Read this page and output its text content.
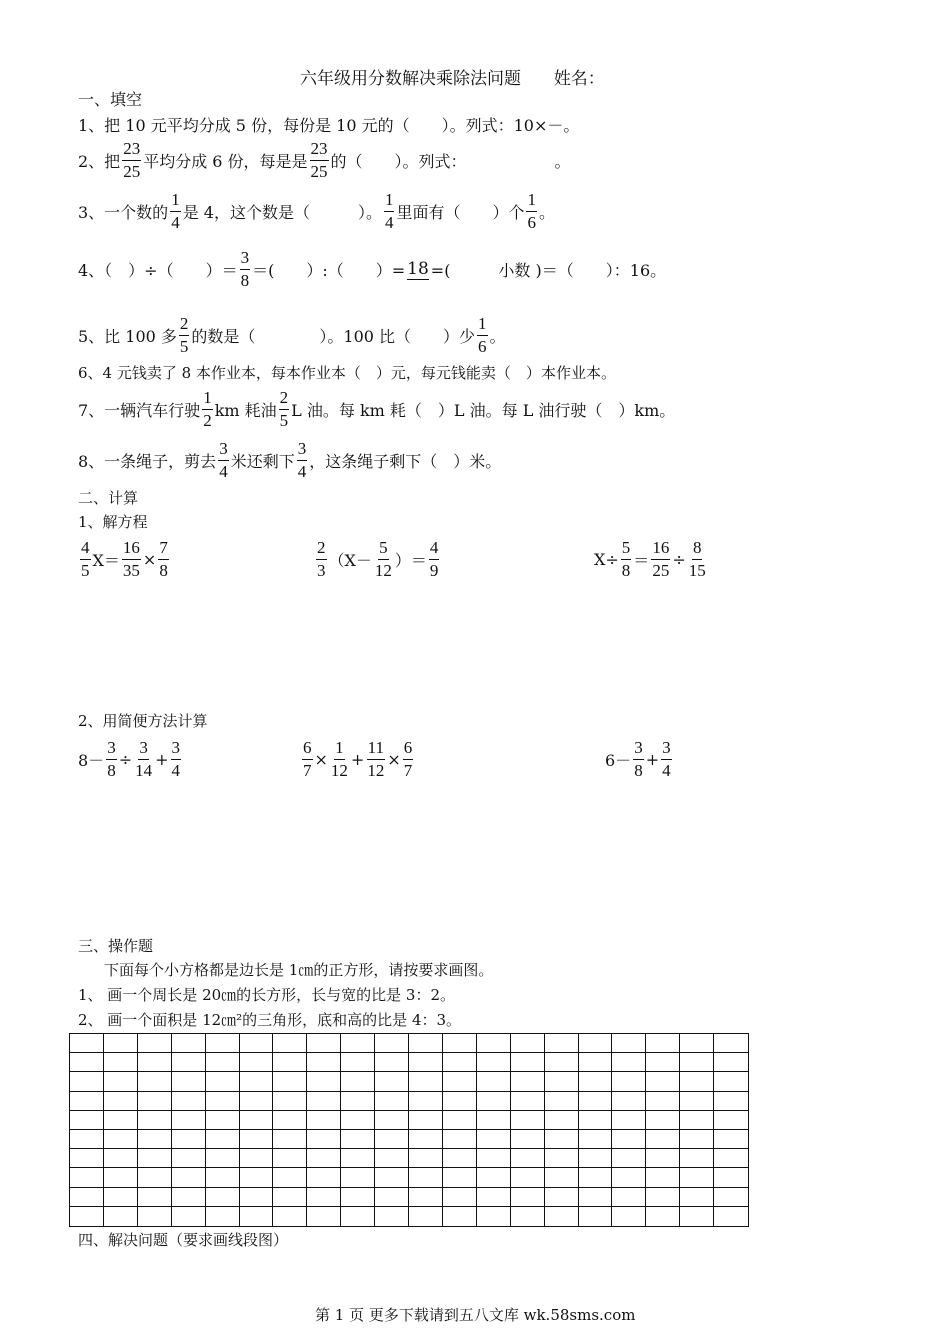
六年级用分数解决乘除法问题 姓名：
一、填空
1、把 10 元平均分成 5 份，每份是 10 元的（　　）。列式：10×－。
2、把 $\frac{23}{25}$ 平均分成 6 份，每是是 $\frac{23}{25}$ 的（　　）。列式：　　　　　　。
3、一个数的 $\frac{1}{4}$ 是 4，这个数是（　　　）。 $\frac{1}{4}$ 里面有（　　）个 $\frac{1}{6}$ 。
4、（　）÷（　　）＝ $\frac{3}{8}$ ＝(　　）:（　　）= 18 =(　　　小数 )＝（　　）：16。
5、比 100 多 $\frac{2}{5}$ 的数是（　　　　）。100 比（　　）少 $\frac{1}{6}$ 。
6、4 元钱卖了 8 本作业本，每本作业本（　）元，每元钱能卖（　）本作业本。
7、一辆汽车行驶 $\frac{1}{2}$ km 耗油 $\frac{2}{5}$ L 油。每 km 耗（　）L 油。每 L 油行驶（　）km。
8、一条绳子，剪去 $\frac{3}{4}$ 米还剩下 $\frac{3}{4}$ ，这条绳子剩下（　）米。
二、计算
1、解方程
$\frac{4}{5} X= \frac{16}{35} \times \frac{7}{8}$	$\frac{2}{3} (X- \frac{5}{12}$ ）＝ $\frac{4}{9}$	$X\div \frac{5}{8} = \frac{16}{25} \div \frac{8}{15}$
2、用简便方法计算
$8- \frac{3}{8} \div \frac{3}{14} + \frac{3}{4}$	$\frac{6}{7} \times \frac{1}{12} + \frac{11}{12} \times \frac{6}{7}$	$6- \frac{3}{8} + \frac{3}{4}$
三、操作题
下面每个小方格都是边长是 1㎝的正方形，请按要求画图。
1、 画一个周长是 20㎝的长方形，长与宽的比是 3：2。
2、 画一个面积是 12㎝²的三角形，底和高的比是 4：3。
四、解决问题（要求画线段图）
第 1 页 更多下载请到五八文库 wk.58sms.com
